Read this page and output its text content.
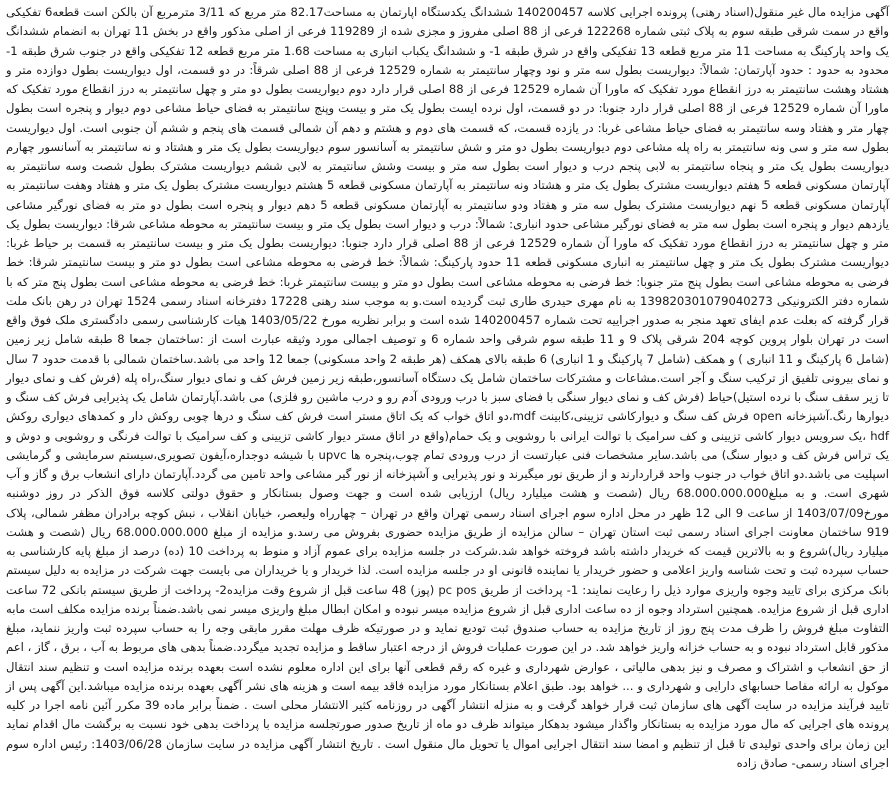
آگهی مزایده مال غیر منقول(اسناد رهنی) پرونده اجرایی کلاسه 140200457 ششدانگ یکدستگاه اپارتمان به مساحت82.17 متر مربع که 3/11 مترمربع آن بالکن است قطعه6 تفکیکی واقع در سمت شرقی طبقه سوم به پلاک ثبتی شماره 122268 فرعی از 88 اصلی مفروز و مجزی شده از 119289 فرعی از اصلی مذکور واقع در بخش 11 تهران به انضمام ششدانگ یک واحد پارکینگ به مساحت 11 متر مربع قطعه 13 تفکیکی واقع در شرق طبقه 1- و ششدانگ یکباب انباری به مساحت 1.68 متر مربع قطعه 12 تفکیکی واقع در جنوب شرق طبقه 1- محدود به حدود : حدود آپارتمان: شمالاً: دیواریست بطول سه متر و نود وچهار سانتیمتر به شماره 12529 فرعی از 88 اصلی شرقاً: در دو قسمت، اول دیواریست بطول دوازده متر و هشتاد وهشت سانتیمتر به درز انقطاع مورد تفکیک که ماورا آن شماره 12529 فرعی از 88 اصلی قرار دارد دوم دیواریست بطول دو متر و چهل سانتیمتر به درز انقطاع مورد تفکیک که ماورا آن شماره 12529 فرعی از 88 اصلی قرار دارد جنوبا: در دو قسمت، اول نرده ایست بطول یک متر و بیست وپنج سانتیمتر به فضای حیاط مشاعی دوم دیوار و پنجره است بطول چهار متر و هفتاد وسه سانتیمتر به فضای حیاط مشاعی غربا: در یازده قسمت، که قسمت های دوم و هشتم و دهم آن شمالی قسمت های پنجم و ششم آن جنوبی است. اول دیواریست بطول سه متر و سی ونه سانتیمتر به راه پله مشاعی دوم دیواریست بطول دو متر و شش سانتیمتر به آسانسور سوم دیواریست بطول یک متر و هشتاد و نه سانتیمتر به آسانسور چهارم دیواریست بطول یک متر و پنجاه سانتیمتر به لابی پنجم درب و دیوار است بطول سه متر و بیست وشش سانتیمتر به لابی ششم دیواریست مشترک بطول شصت وسه سانتیمتر به آپارتمان مسکونی قطعه 5 هفتم دیواریست مشترک بطول یک متر و هشتاد ونه سانتیمتر به آپارتمان مسکونی قطعه 5 هشتم دیواریست مشترک بطول یک متر و هفتاد وهفت سانتیمتر به آپارتمان مسکونی قطعه 5 نهم دیواریست مشترک بطول سه متر و هفتاد ودو سانتیمتر به آپارتمان مسکونی قطعه 5 دهم دیوار و پنجره است بطول دو متر به فضای نورگیر مشاعی یازدهم دیوار و پنجره است بطول سه متر به فضای نورگیر مشاعی حدود انباری: شمالاً: درب و دیوار است بطول یک متر و بیست سانتیمتر به محوطه مشاعی شرقا: دیواریست بطول یک متر و چهل سانتیمتر به درز انقطاع مورد تفکیک که ماورا آن شماره 12529 فرعی از 88 اصلی قرار دارد جنوبا: دیواریست بطول یک متر و بیست سانتیمتر به قسمت بر حیاط غربا: دیواریست مشترک بطول یک متر و چهل سانتیمتر به انباری مسکونی قطعه 11 حدود پارکینگ: شمالاً: خط فرضی به محوطه مشاعی است بطول دو متر و بیست سانتیمتر شرقا: خط فرضی به محوطه مشاعی است بطول پنج متر جنوبا: خط فرضی به محوطه مشاعی است بطول دو متر و بیست سانتیمتر غربا: خط فرضی به محوطه مشاعی است بطول پنج متر که با شماره دفتر الکترونیکی 139820301079040273 به نام مهری حیدری طاری ثبت گردیده است.و به موجب سند رهنی 17228 دفترخانه اسناد رسمی 1524 تهران در رهن بانک ملت قرار گرفته که بعلت عدم ایفای تعهد منجر به صدور اجراییه تحت شماره 140200457 شده است و برابر نظریه مورخ 1403/05/22 هیات کارشناسی رسمی دادگستری ملک فوق واقع است در تهران بلوار پروین کوچه 204 شرقی پلاک 9 و 11 طبقه سوم شرقی واحد شماره 6 و توصیف اجمالی مورد وثیقه عبارت است از :ساختمان جمعا 8 طبقه شامل زیر زمین (شامل 6 پارکینگ و 11 انباری ) و همکف (شامل 7 پارکینگ و 1 انباری) 6 طبقه بالای همکف (هر طبقه 2 واحد مسکونی) جمعا 12 واحد می باشد.ساختمان شمالی با قدمت حدود 7 سال و نمای بیرونی تلفیق از ترکیب سنگ و آجر است.مشاعات و مشترکات ساختمان شامل یک دستگاه آسانسور،طبقه زیر زمین فرش کف و نمای دیوار سنگ،راه پله (فرش کف و نمای دیوار تا زیر سقف سنگ با نرده استیل)حیاط (فرش کف و نمای دیوار سنگی با فضای سبز با درب ورودی آدم رو و درب ماشین رو فلزی) می باشد.آپارتمان شامل یک پذیرایی فرش کف سنگ و دیوارها رنگ.آشپزخانه open فرش کف سنگ و دیوارکاشی تزیینی،کابینت mdf،دو اتاق خواب که یک اتاق مستر است فرش کف سنگ و درها چوبی روکش دار و کمدهای دیواری روکش hdf ،یک سرویس دیوار کاشی تزیینی و کف سرامیک با توالت ایرانی با روشویی و یک حمام(واقع در اتاق مستر دیوار کاشی تزیینی و کف سرامیک با توالت فرنگی و روشویی و دوش و یک تراس فرش کف و دیوار سنگ) می باشد.سایر مشخصات فنی عبارتست از درب ورودی تمام چوب،پنجره ها upvc با شیشه دوجداره،آیفون تصویری،سیستم سرمایشی و گرمایشی اسپلیت می باشد.دو اتاق خواب در جنوب واحد قراردارند و از طریق نور میگیرند و نور پذیرایی و آشپزخانه از نور گیر مشاعی واحد تامین می گردد.آپارتمان دارای انشعاب برق و گاز و آب شهری است. و به مبلغ68.000.000.000 ریال (شصت و هشت میلیارد ریال) ارزیابی شده است و جهت وصول بستانکار و حقوق دولتی کلاسه فوق الذکر در روز دوشنبه مورخ1403/07/09 از ساعت 9 الی 12 ظهر در محل اداره سوم اجرای اسناد رسمی تهران واقع در تهران – چهارراه ولیعصر، خیابان انقلاب ، نبش کوچه برادران مظفر شمالی، پلاک 919 ساختمان معاونت اجرای اسناد رسمی ثبت استان تهران – سالن مزایده از طریق مزایده حضوری بفروش می رسد.و مزایده از مبلغ 68.000.000.000 ریال (شصت و هشت میلیارد ریال)شروع و به بالاترین قیمت که خریدار داشته باشد فروخته خواهد شد.شرکت در جلسه مزایده برای عموم آزاد و منوط به پرداخت 10 (ده) درصد از مبلغ پایه کارشناسی به حساب سپرده ثبت و تحت شناسه واریز اعلامی و حضور خریدار یا نماینده قانونی او در جلسه مزایده است. لذا خریدار و یا خریداران می بایست جهت شرکت در مزایده به دلیل سیستم بانک مرکزی برای تایید وجوه واریزی موارد ذیل را رعایت نمایند: 1- پرداخت از طریق pc pos (پوز) 48 ساعت قبل از شروع وقت مزایده2- پرداخت از طریق سیستم بانکی 72 ساعت اداری قبل از شروع مزایده. همچنین استرداد وجوه از ده ساعت اداری قبل از شروع مزایده میسر نبوده و امکان ابطال مبلغ واریزی میسر نمی باشد.ضمناً برنده مزایده مکلف است مابه التفاوت مبلغ فروش را ظرف مدت پنج روز از تاریخ مزایده به حساب صندوق ثبت تودیع نماید و در صورتیکه ظرف مهلت مقرر مابقی وجه را به حساب سپرده ثبت واریز ننماید، مبلغ مذکور قابل استرداد نبوده و به حساب خزانه واریز خواهد شد. در این صورت عملیات فروش از درجه اعتبار ساقط و مزایده تجدید میگردد.ضمناً بدهی های مربوط به آب ، برق ، گاز ، اعم از حق انشعاب و اشتراک و مصرف و نیز بدهی مالیاتی ، عوارض شهرداری و غیره که رقم قطعی آنها برای این اداره معلوم نشده است بعهده برنده مزایده است و تنظیم سند انتقال موکول به ارائه مفاصا حسابهای دارایی و شهرداری و ... خواهد بود. طبق اعلام بستانکار مورد مزایده فاقد بیمه است و هزینه های نشر آگهی بعهده برنده مزایده میباشد.این آگهی پس از تایید فرآیند مزایده در سایت آگهی های سازمان ثبت قرار خواهد گرفت و به منزله انتشار آگهی در روزنامه کثیر الانتشار محلی است . ضمناً برابر ماده 39 مکرر آئین نامه اجرا در کلیه پرونده های اجرایی که مال مورد مزایده به بستانکار واگذار میشود بدهکار میتواند ظرف دو ماه از تاریخ صدور صورتجلسه مزایده با پرداخت بدهی خود نسبت به برگشت مال اقدام نماید این زمان برای واحدی تولیدی تا قبل از تنظیم و امضا سند انتقال اجرایی اموال یا تحویل مال منقول است . تاریخ انتشار آگهی مزایده در سایت سازمان 1403/06/28: رئیس اداره سوم اجرای اسناد رسمی- صادق زاده
